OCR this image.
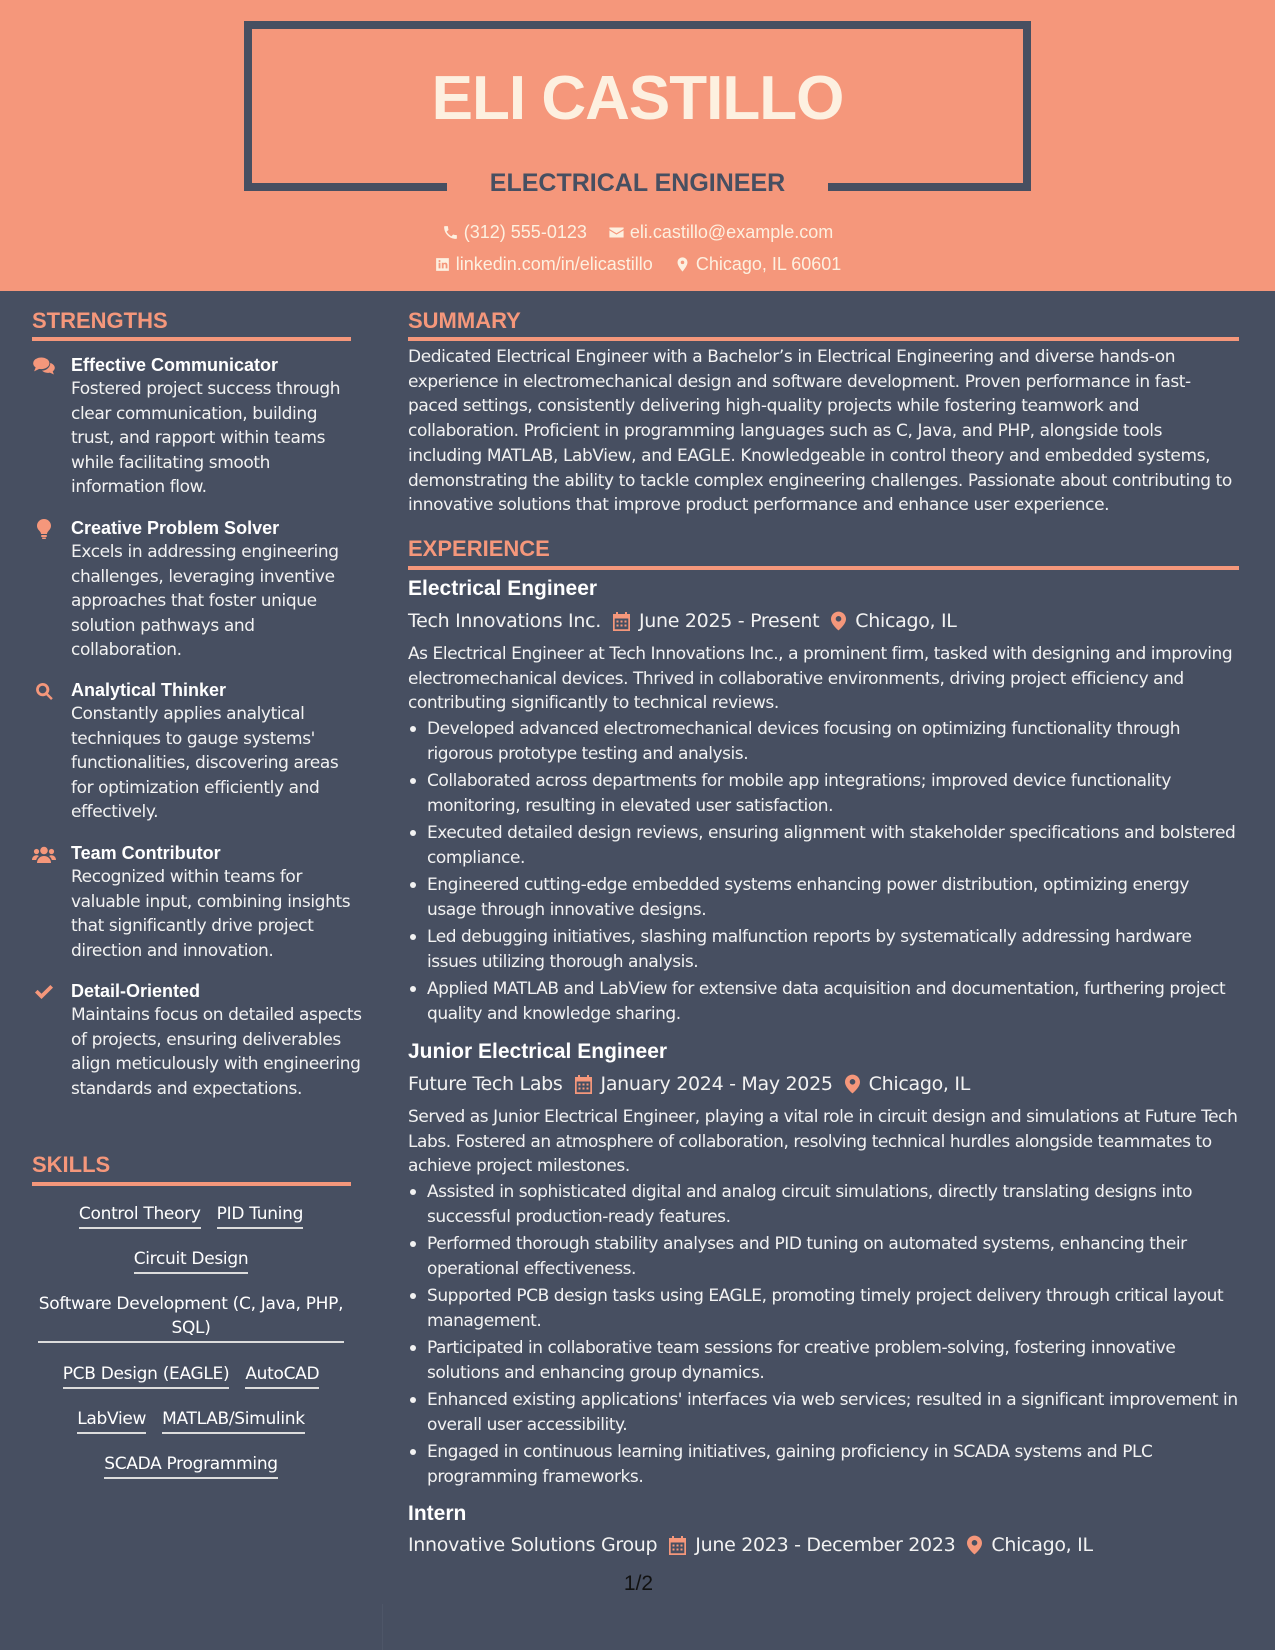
ELI CASTILLO
ELECTRICAL ENGINEER
(312) 555-0123
eli.castillo@example.com
linkedin.com/in/elicastillo
Chicago, IL 60601
STRENGTHS
Effective Communicator
Fostered project success through clear communication, building trust, and rapport within teams while facilitating smooth information flow.
Creative Problem Solver
Excels in addressing engineering challenges, leveraging inventive approaches that foster unique solution pathways and collaboration.
Analytical Thinker
Constantly applies analytical techniques to gauge systems' functionalities, discovering areas for optimization efficiently and effectively.
Team Contributor
Recognized within teams for valuable input, combining insights that significantly drive project direction and innovation.
Detail-Oriented
Maintains focus on detailed aspects of projects, ensuring deliverables align meticulously with engineering standards and expectations.
SKILLS
Control Theory PID Tuning
Circuit Design
Software Development (C, Java, PHP, SQL)
PCB Design (EAGLE) AutoCAD
LabView MATLAB/Simulink
SCADA Programming
SUMMARY
Dedicated Electrical Engineer with a Bachelor’s in Electrical Engineering and diverse hands-on experience in electromechanical design and software development. Proven performance in fast-paced settings, consistently delivering high-quality projects while fostering teamwork and collaboration. Proficient in programming languages such as C, Java, and PHP, alongside tools including MATLAB, LabView, and EAGLE. Knowledgeable in control theory and embedded systems, demonstrating the ability to tackle complex engineering challenges. Passionate about contributing to innovative solutions that improve product performance and enhance user experience.
EXPERIENCE
Electrical Engineer
Tech Innovations Inc. June 2025 - Present Chicago, IL
As Electrical Engineer at Tech Innovations Inc., a prominent firm, tasked with designing and improving electromechanical devices. Thrived in collaborative environments, driving project efficiency and contributing significantly to technical reviews.
Developed advanced electromechanical devices focusing on optimizing functionality through rigorous prototype testing and analysis.
Collaborated across departments for mobile app integrations; improved device functionality monitoring, resulting in elevated user satisfaction.
Executed detailed design reviews, ensuring alignment with stakeholder specifications and bolstered compliance.
Engineered cutting-edge embedded systems enhancing power distribution, optimizing energy usage through innovative designs.
Led debugging initiatives, slashing malfunction reports by systematically addressing hardware issues utilizing thorough analysis.
Applied MATLAB and LabView for extensive data acquisition and documentation, furthering project quality and knowledge sharing.
Junior Electrical Engineer
Future Tech Labs January 2024 - May 2025 Chicago, IL
Served as Junior Electrical Engineer, playing a vital role in circuit design and simulations at Future Tech Labs. Fostered an atmosphere of collaboration, resolving technical hurdles alongside teammates to achieve project milestones.
Assisted in sophisticated digital and analog circuit simulations, directly translating designs into successful production-ready features.
Performed thorough stability analyses and PID tuning on automated systems, enhancing their operational effectiveness.
Supported PCB design tasks using EAGLE, promoting timely project delivery through critical layout management.
Participated in collaborative team sessions for creative problem-solving, fostering innovative solutions and enhancing group dynamics.
Enhanced existing applications' interfaces via web services; resulted in a significant improvement in overall user accessibility.
Engaged in continuous learning initiatives, gaining proficiency in SCADA systems and PLC programming frameworks.
Intern
Innovative Solutions Group June 2023 - December 2023 Chicago, IL
1/2
